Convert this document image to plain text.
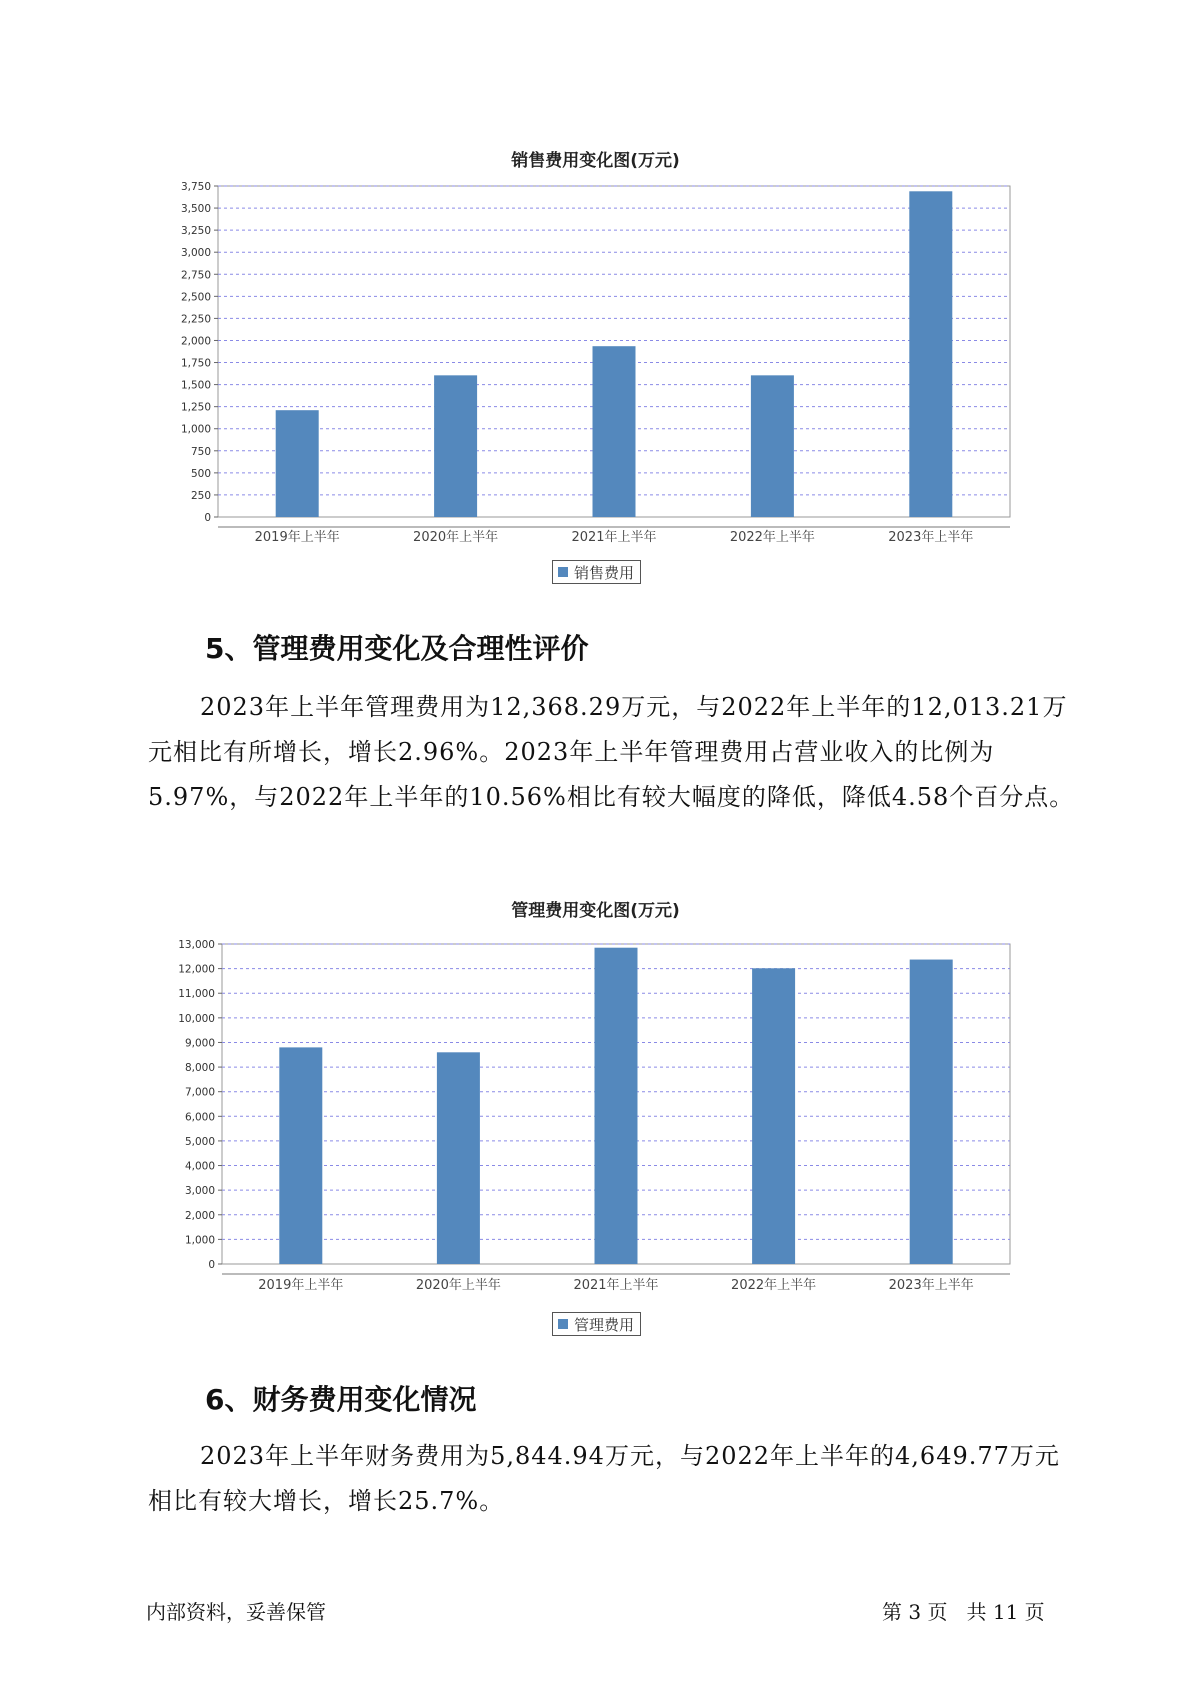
销售费用变化图(万元)
0
250
500
750
1,000
1,250
1,500
1,750
2,000
2,250
2,500
2,750
3,000
3,250
3,500
3,750
2019年上半年	2020年上半年	2021年上半年	2022年上半年	2023年上半年
销售费用
5、管理费用变化及合理性评价

2023年上半年管理费用为12,368.29万元，与2022年上半年的12,013.21万元相比有所增长，增长2.96%。2023年上半年管理费用占营业收入的比例为5.97%，与2022年上半年的10.56%相比有较大幅度的降低，降低4.58个百分点。

管理费用变化图(万元)
0
1,000
2,000
3,000
4,000
5,000
6,000
7,000
8,000
9,000
10,000
11,000
12,000
13,000
2019年上半年	2020年上半年	2021年上半年	2022年上半年	2023年上半年
管理费用
6、财务费用变化情况

2023年上半年财务费用为5,844.94万元，与2022年上半年的4,649.77万元相比有较大增长，增长25.7%。

内部资料，妥善保管	第 3 页   共 11 页
